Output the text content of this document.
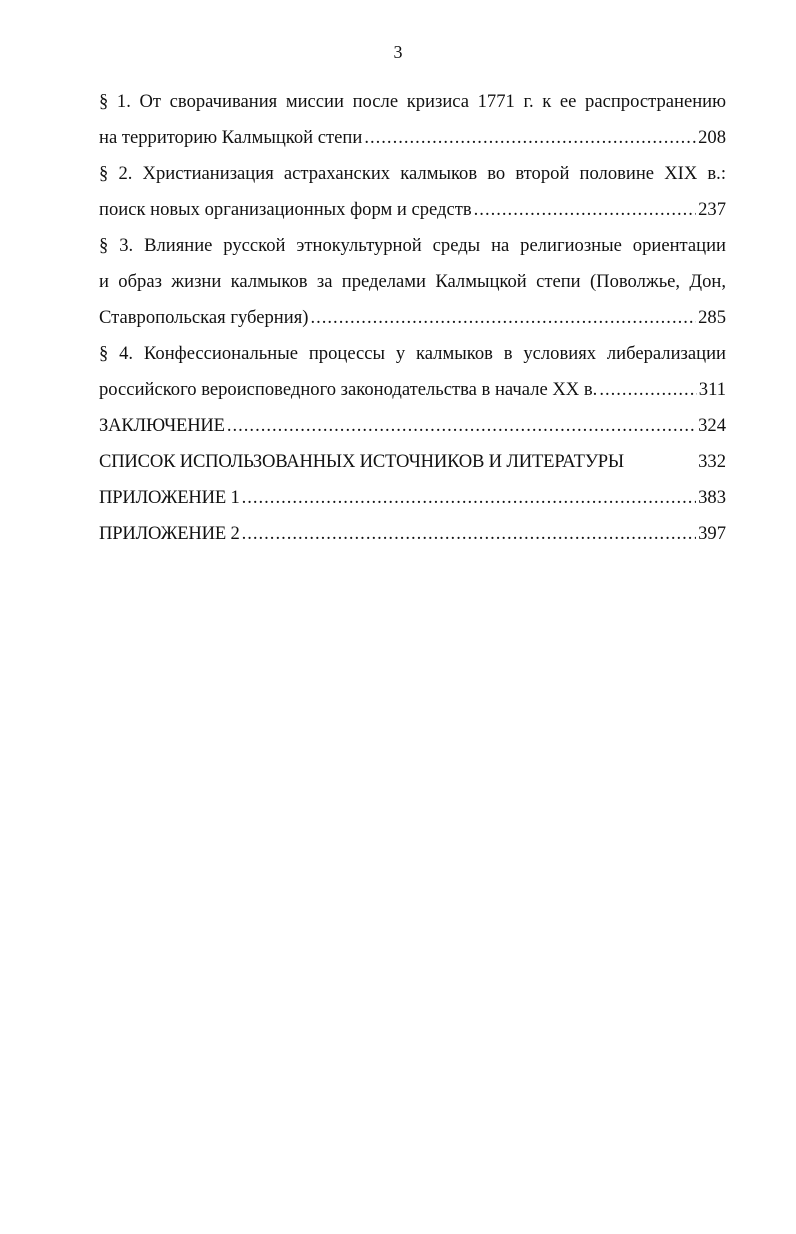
3
§ 1. От сворачивания миссии после кризиса 1771 г. к ее распространению
на территорию Калмыцкой степи .....	208
§ 2. Христианизация астраханских калмыков во второй половине XIX в.:
поиск новых организационных форм и средств .....	237
§ 3. Влияние русской этнокультурной среды на религиозные ориентации
и образ жизни калмыков за пределами Калмыцкой степи (Поволжье, Дон,
Ставропольская губерния) .....	285
§ 4. Конфессиональные процессы у калмыков в условиях либерализации
российского вероисповедного законодательства в начале XX в. .....	311
ЗАКЛЮЧЕНИЕ .....	324
СПИСОК ИСПОЛЬЗОВАННЫХ ИСТОЧНИКОВ И ЛИТЕРАТУРЫ	332
ПРИЛОЖЕНИЕ 1 .....	383
ПРИЛОЖЕНИЕ 2 .....	397
